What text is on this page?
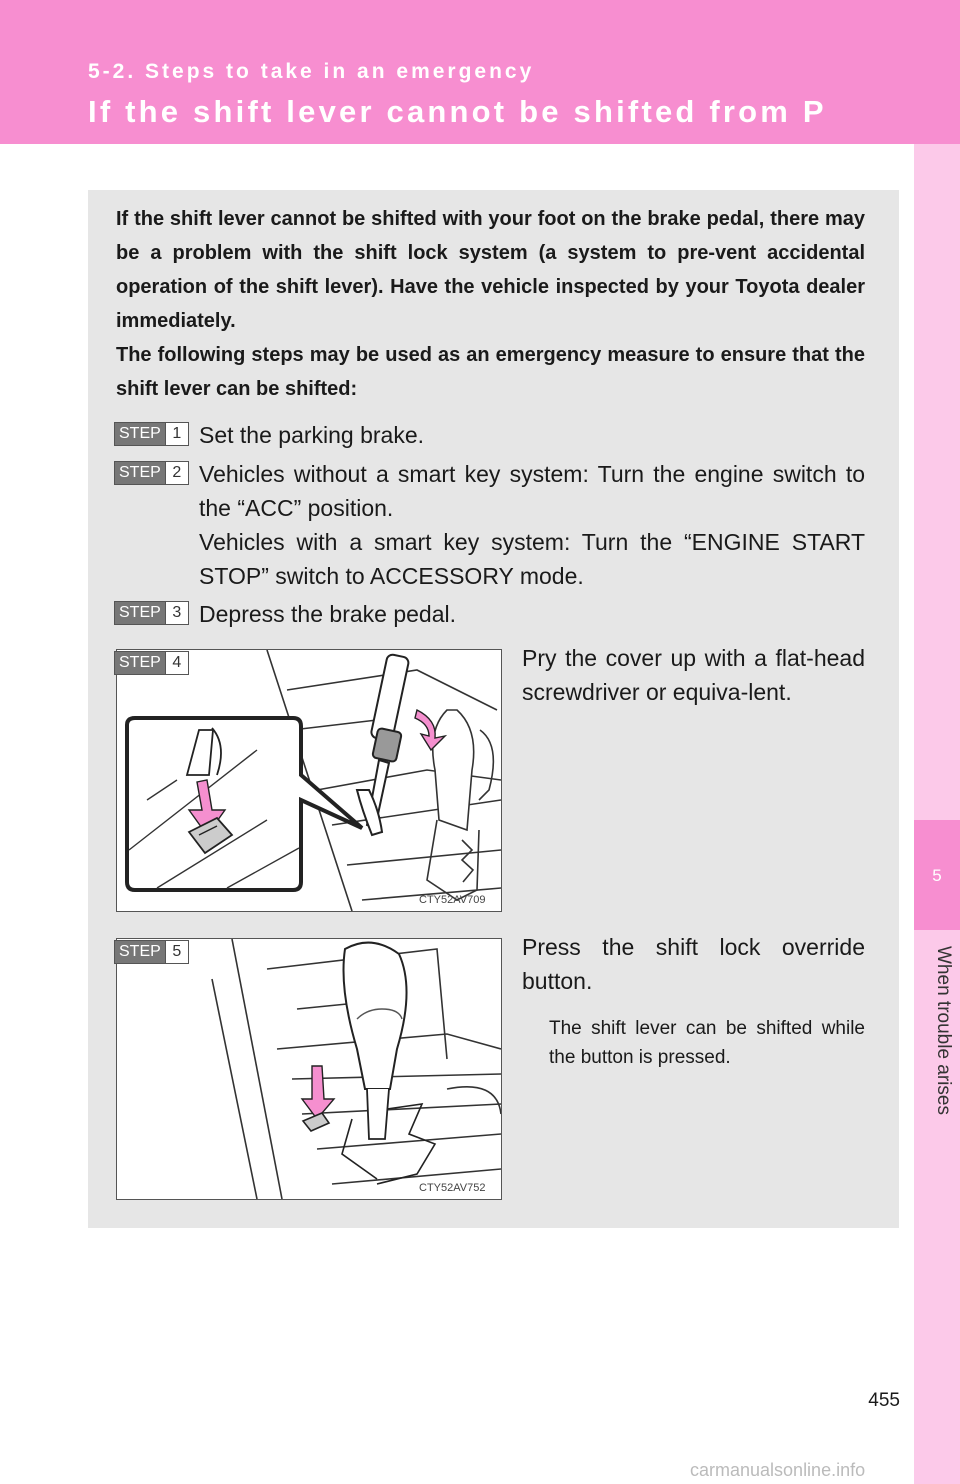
5-2. Steps to take in an emergency
If the shift lever cannot be shifted from P
5
When trouble arises

If the shift lever cannot be shifted with your foot on the brake pedal, there may be a problem with the shift lock system (a system to pre-vent accidental operation of the shift lever). Have the vehicle inspected by your Toyota dealer immediately.

The following steps may be used as an emergency measure to ensure that the shift lever can be shifted:

STEP 1 Set the parking brake.

STEP 2 Vehicles without a smart key system: Turn the engine switch to the “ACC” position.

Vehicles with a smart key system: Turn the “ENGINE START STOP” switch to ACCESSORY mode.

STEP 3 Depress the brake pedal.

CTY52AV709
STEP 4	Pry the cover up with a flat-head screwdriver or equiva-lent.

CTY52AV752
STEP 5	Press the shift lock override button.

The shift lever can be shifted while the button is pressed.

455
carmanualsonline.info
